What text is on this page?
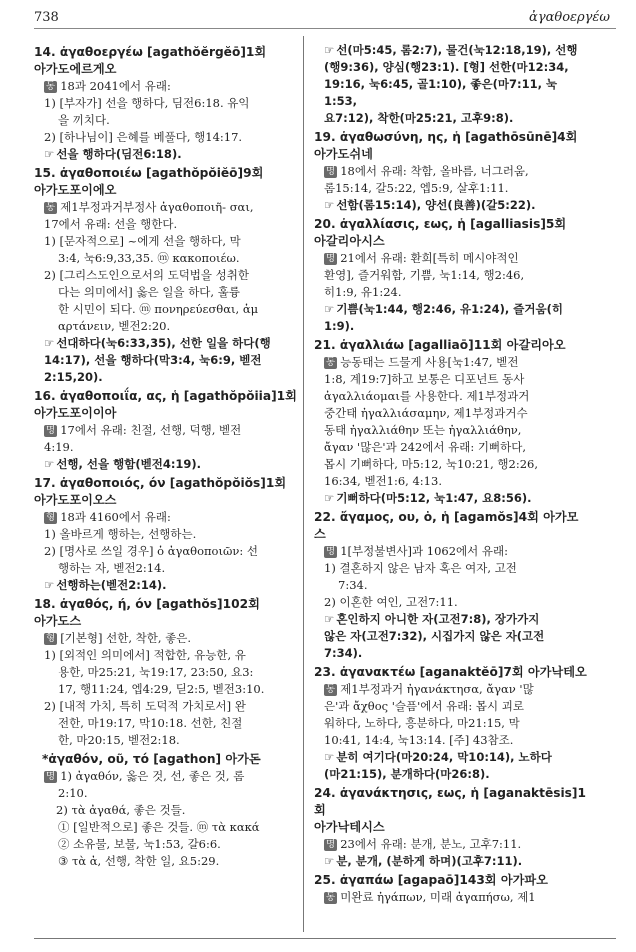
738	ἀγαθοεργέω
14. ἀγαθοεργέω [agathŏĕrgĕō]1회
아가도에르게오
동 18과 2041에서 유래:
1) [부자가] 선을 행하다, 딤전6:18. 유익
을 끼치다.
2) [하나님이] 은혜를 베풀다, 행14:17.
☞ 선을 행하다(딤전6:18).
15. ἀγαθοποιέω [agathŏpŏiĕō]9회
아가도포이에오
동 제1부정과거부정사 ἀγαθοποιῆ- σαι,
17에서 유래: 선을 행한다.
1) [문자적으로] ~에게 선을 행하다, 막
3:4, 눅6:9,33,35. ⓜ κακοποιέω.
2) [그리스도인으로서의 도덕법을 성취한
다는 의미에서] 옳은 일을 하다, 훌륭
한 시민이 되다. ⓜ πονηρεύεσθαι, ἁμ
αρτάνειν, 벧전2:20.
☞ 선대하다(눅6:33,35), 선한 일을 하다(행
14:17), 선을 행하다(막3:4, 눅6:9, 벧전
2:15,20).
16. ἀγαθοποιΐα, ας, ἡ [agathŏpŏiia]1회
아가도포이이아
명 17에서 유래: 친절, 선행, 덕행, 벧전
4:19.
☞ 선행, 선을 행함(벧전4:19).
17. ἀγαθοποιός, όν [agathŏpŏiŏs]1회
아가도포이오스
형 18과 4160에서 유래:
1) 올바르게 행하는, 선행하는.
2) [명사로 쓰일 경우] ὁ ἀγαθοποιῶν: 선
행하는 자, 벧전2:14.
☞ 선행하는(벧전2:14).
18. ἀγαθός, ή, όν [agathŏs]102회
아가도스
형 [기본형] 선한, 착한, 좋은.
1) [외적인 의미에서] 적합한, 유능한, 유
용한, 마25:21, 눅19:17, 23:50, 요3:
17, 행11:24, 엡4:29, 딛2:5, 벧전3:10.
2) [내적 가치, 특히 도덕적 가치로서] 완
전한, 마19:17, 막10:18. 선한, 친절
한, 마20:15, 벧전2:18.
*ἀγαθόν, οῦ, τό [agathon] 아가돈
명 1) ἀγαθόν, 옳은 것, 선, 좋은 것, 롬
2:10.
2) τὰ ἀγαθά, 좋은 것들.
① [일반적으로] 좋은 것들. ⓜ τὰ κακά
② 소유물, 보물, 눅1:53, 갈6:6.
③ τὰ ἀ, 선행, 착한 일, 요5:29.
☞ 선(마5:45, 롬2:7), 물건(눅12:18,19), 선행
(행9:36), 양심(행23:1). [형] 선한(마12:34,
19:16, 눅6:45, 골1:10), 좋은(마7:11, 눅1:53,
요7:12), 착한(마25:21, 고후9:8).
19. ἀγαθωσύνη, ης, ἡ [agathōsūnē]4회
아가도쉬네
명 18에서 유래: 착함, 올바름, 너그러움,
롬15:14, 갈5:22, 엡5:9, 살후1:11.
☞ 선함(롬15:14), 양선(良善)(갈5:22).
20. ἀγαλλίασις, εως, ἡ [agalliasis]5회
아갈리아시스
명 21에서 유래: 환희[특히 메시야적인
환영], 즐거워함, 기쁨, 눅1:14, 행2:46,
히1:9, 유1:24.
☞ 기쁨(눅1:44, 행2:46, 유1:24), 즐거움(히
1:9).
21. ἀγαλλιάω [agalliaō]11회 아갈리아오
동 능동태는 드물게 사용[눅1:47, 벧전
1:8, 계19:7]하고 보통은 디포넌트 동사
ἀγαλλιάομαι를 사용한다. 제1부정과거
중간태 ἠγαλλιάσαμην, 제1부정과거수
동태 ἠγαλλιάθην 또는 ἠγαλλιάθην,
ἄγαν '많은'과 242에서 유래: 기뻐하다,
몹시 기뻐하다, 마5:12, 눅10:21, 행2:26,
16:34, 벧전1:6, 4:13.
☞ 기뻐하다(마5:12, 눅1:47, 요8:56).
22. ἄγαμος, ου, ὁ, ἡ [agamŏs]4회 아가모스
명 1[부정불변사]과 1062에서 유래:
1) 결혼하지 않은 남자 혹은 여자, 고전
7:34.
2) 이혼한 여인, 고전7:11.
☞ 혼인하지 아니한 자(고전7:8), 장가가지
않은 자(고전7:32), 시집가지 않은 자(고전
7:34).
23. ἀγανακτέω [aganaktĕō]7회 아가낙테오
동 제1부정과거 ἠγανάκτησα, ἄγαν '많
은'과 ἄχθος '슬픔'에서 유래: 몹시 괴로
워하다, 노하다, 흥분하다, 마21:15, 막
10:41, 14:4, 눅13:14. [주] 43참조.
☞ 분히 여기다(마20:24, 막10:14), 노하다
(마21:15), 분개하다(마26:8).
24. ἀγανάκτησις, εως, ἡ [aganaktēsis]1회
아가낙테시스
명 23에서 유래: 분개, 분노, 고후7:11.
☞ 분, 분개, (분하게 하며)(고후7:11).
25. ἀγαπάω [agapaō]143회 아가파오
동 미완료 ἠγάπων, 미래 ἀγαπήσω, 제1
